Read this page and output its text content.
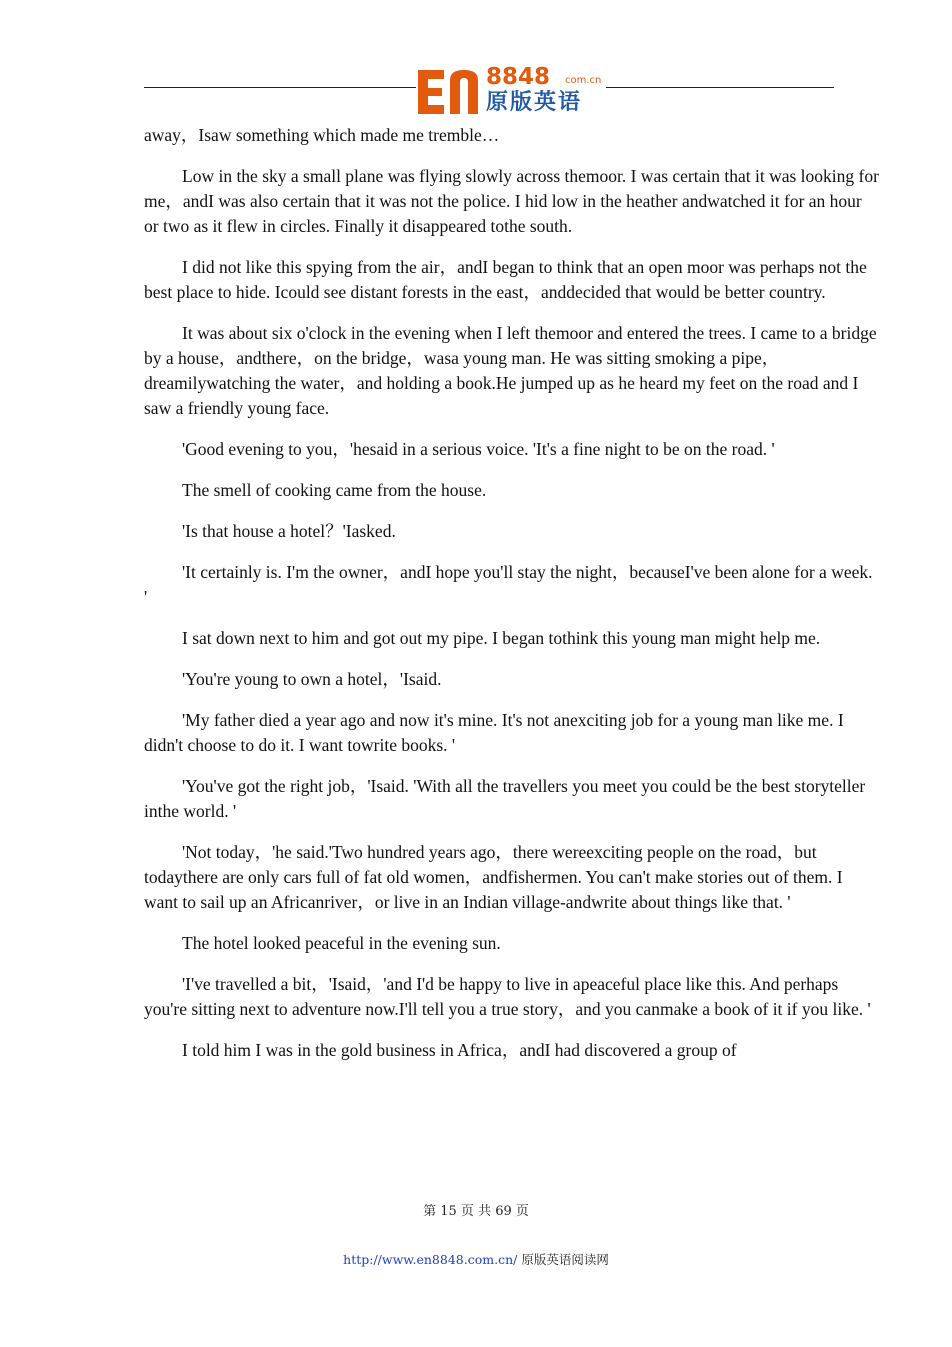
8848 com.cn
原版英语

away，Isaw something which made me tremble…

Low in the sky a small plane was flying slowly across themoor. I was certain that it was looking for me，andI was also certain that it was not the police. I hid low in the heather andwatched it for an hour or two as it flew in circles. Finally it disappeared tothe south.

I did not like this spying from the air，andI began to think that an open moor was perhaps not the best place to hide. Icould see distant forests in the east，anddecided that would be better country.

It was about six o'clock in the evening when I left themoor and entered the trees. I came to a bridge by a house，andthere，on the bridge，wasa young man. He was sitting smoking a pipe，dreamilywatching the water，and holding a book.He jumped up as he heard my feet on the road and I saw a friendly young face.

'Good evening to you，'hesaid in a serious voice. 'It's a fine night to be on the road. '

The smell of cooking came from the house.

'Is that house a hotel？'Iasked.

'It certainly is. I'm the owner，andI hope you'll stay the night，becauseI've been alone for a week. '

I sat down next to him and got out my pipe. I began tothink this young man might help me.

'You're young to own a hotel，'Isaid.

'My father died a year ago and now it's mine. It's not anexciting job for a young man like me. I didn't choose to do it. I want towrite books. '

'You've got the right job，'Isaid. 'With all the travellers you meet you could be the best storyteller inthe world. '

'Not today，'he said.'Two hundred years ago，there wereexciting people on the road，but todaythere are only cars full of fat old women，andfishermen. You can't make stories out of them. I want to sail up an Africanriver，or live in an Indian village-andwrite about things like that. '

The hotel looked peaceful in the evening sun.

'I've travelled a bit，'Isaid，'and I'd be happy to live in apeaceful place like this. And perhaps you're sitting next to adventure now.I'll tell you a true story，and you canmake a book of it if you like. '

I told him I was in the gold business in Africa，andI had discovered a group of

第 15 页 共 69 页
http://www.en8848.com.cn/ 原版英语阅读网
